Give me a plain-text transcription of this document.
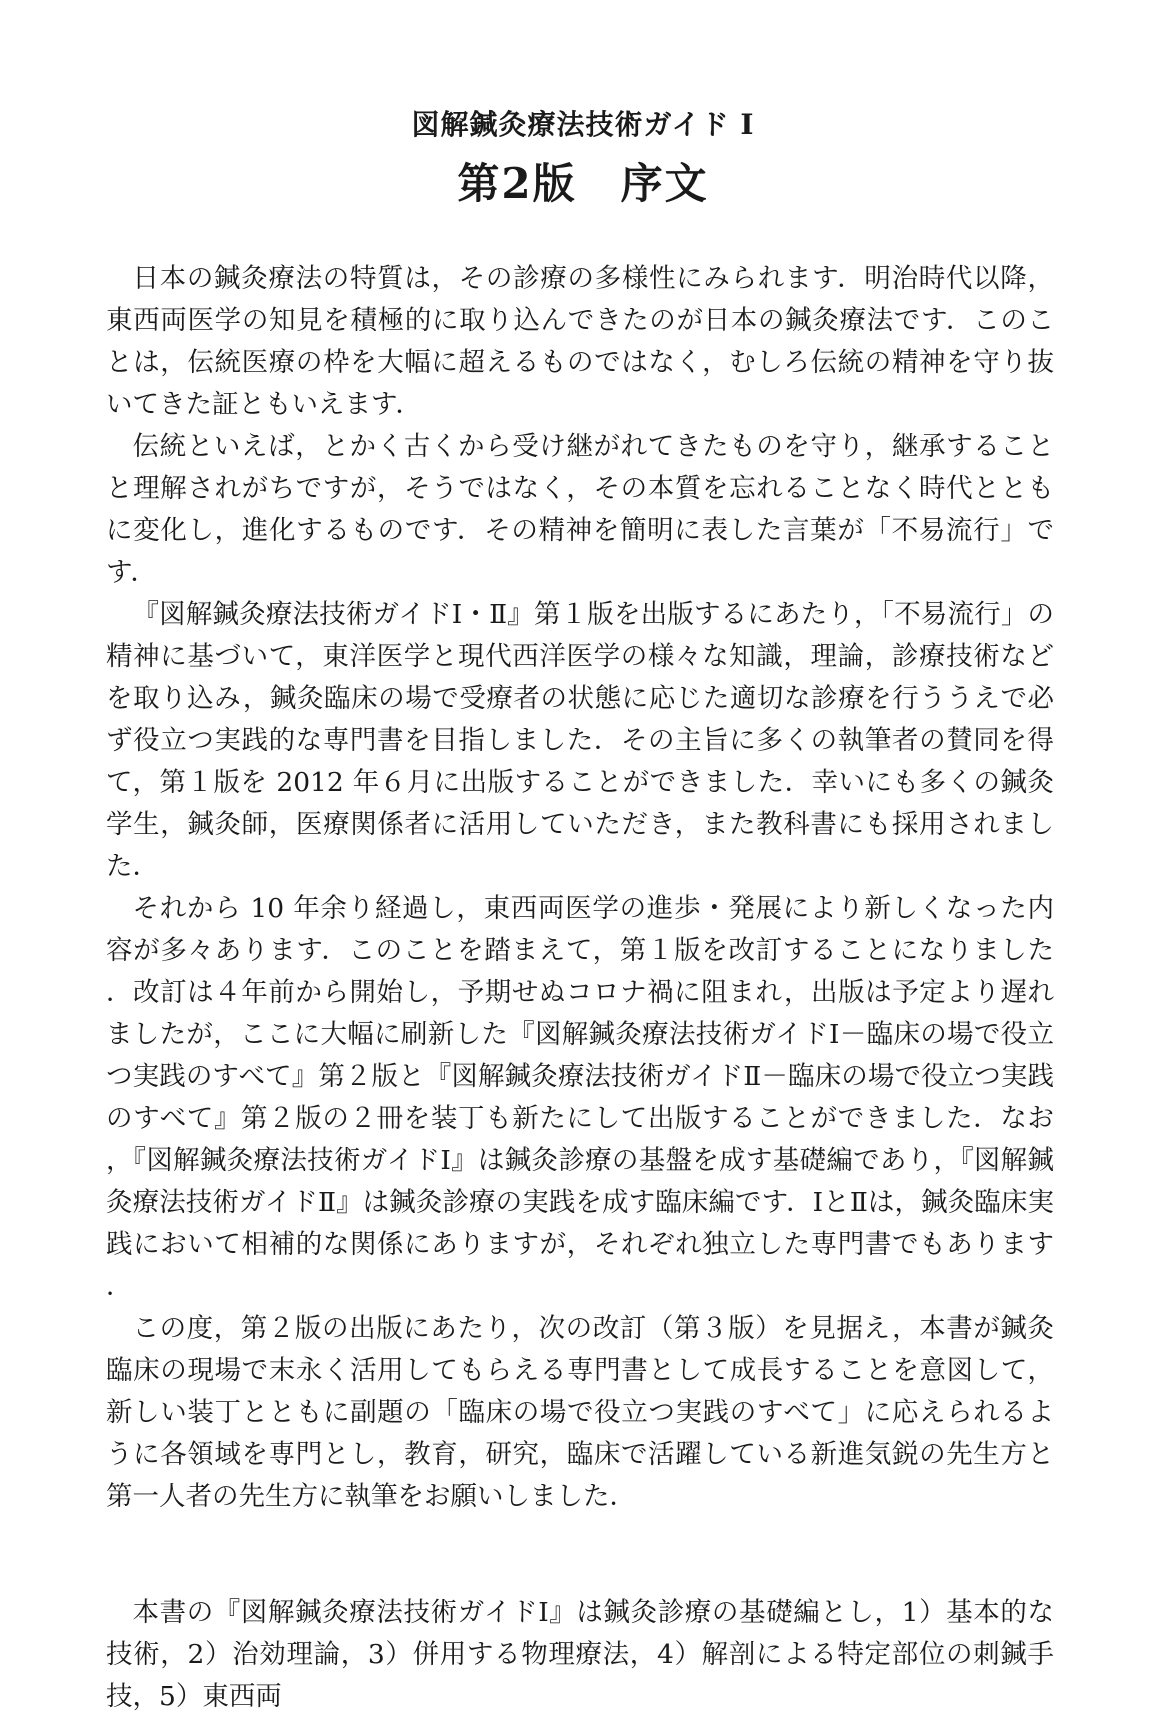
図解鍼灸療法技術ガイド Ⅰ
第2版　序文

日本の鍼灸療法の特質は，その診療の多様性にみられます．明治時代以降，東西両医学の知見を積極的に取り込んできたのが日本の鍼灸療法です．このことは，伝統医療の枠を大幅に超えるものではなく，むしろ伝統の精神を守り抜いてきた証ともいえます．

伝統といえば，とかく古くから受け継がれてきたものを守り，継承することと理解されがちですが，そうではなく，その本質を忘れることなく時代とともに変化し，進化するものです．その精神を簡明に表した言葉が「不易流行」です．

『図解鍼灸療法技術ガイドⅠ・Ⅱ』第１版を出版するにあたり，「不易流行」の精神に基づいて，東洋医学と現代西洋医学の様々な知識，理論，診療技術などを取り込み，鍼灸臨床の場で受療者の状態に応じた適切な診療を行ううえで必ず役立つ実践的な専門書を目指しました．その主旨に多くの執筆者の賛同を得て，第１版を 2012 年６月に出版することができました．幸いにも多くの鍼灸学生，鍼灸師，医療関係者に活用していただき，また教科書にも採用されました．

それから 10 年余り経過し，東西両医学の進歩・発展により新しくなった内容が多々あります．このことを踏まえて，第１版を改訂することになりました．改訂は４年前から開始し，予期せぬコロナ禍に阻まれ，出版は予定より遅れましたが，ここに大幅に刷新した『図解鍼灸療法技術ガイドⅠ－臨床の場で役立つ実践のすべて』第２版と『図解鍼灸療法技術ガイドⅡ－臨床の場で役立つ実践のすべて』第２版の２冊を装丁も新たにして出版することができました．なお，『図解鍼灸療法技術ガイドⅠ』は鍼灸診療の基盤を成す基礎編であり，『図解鍼灸療法技術ガイドⅡ』は鍼灸診療の実践を成す臨床編です．ⅠとⅡは，鍼灸臨床実践において相補的な関係にありますが，それぞれ独立した専門書でもあります．

この度，第２版の出版にあたり，次の改訂（第３版）を見据え，本書が鍼灸臨床の現場で末永く活用してもらえる専門書として成長することを意図して，新しい装丁とともに副題の「臨床の場で役立つ実践のすべて」に応えられるように各領域を専門とし，教育，研究，臨床で活躍している新進気鋭の先生方と第一人者の先生方に執筆をお願いしました．

本書の『図解鍼灸療法技術ガイドⅠ』は鍼灸診療の基礎編とし，1）基本的な技術，2）治効理論，3）併用する物理療法，4）解剖による特定部位の刺鍼手技，5）東西両
